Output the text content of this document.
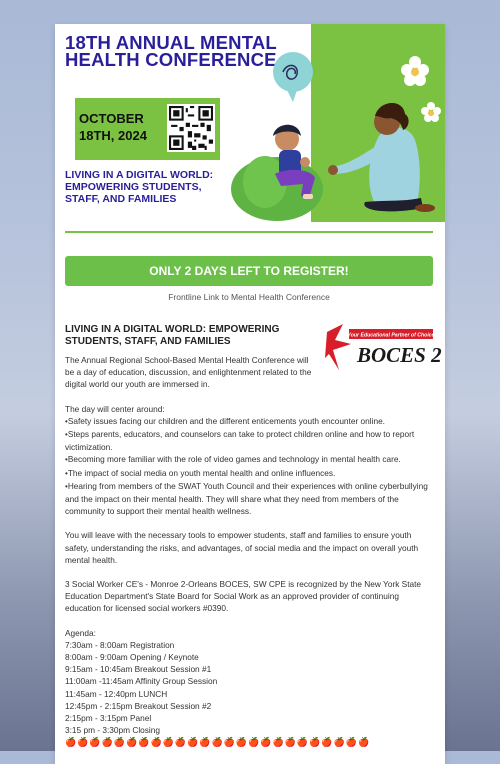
18TH ANNUAL MENTAL HEALTH CONFERENCE
OCTOBER 18TH, 2024
LIVING IN A DIGITAL WORLD: EMPOWERING STUDENTS, STAFF, AND FAMILIES
ONLY 2 DAYS LEFT TO REGISTER!
Frontline Link to Mental Health Conference
Your Educational Partner of Choice
BOCES 2
LIVING IN A DIGITAL WORLD: EMPOWERING STUDENTS, STAFF, AND FAMILIES

The Annual Regional School-Based Mental Health Conference will be a day of education, discussion, and enlightenment related to the digital world our youth are immersed in.

The day will center around:

• Safety issues facing our children and the different enticements youth encounter online.
• Steps parents, educators, and counselors can take to protect children online and how to report victimization.
• Becoming more familiar with the role of video games and technology in mental health care.
• The impact of social media on youth mental health and online influences.
• Hearing from members of the SWAT Youth Council and their experiences with online cyberbullying and the impact on their mental health. They will share what they need from members of the community to support their mental health wellness.

You will leave with the necessary tools to empower students, staff and families to ensure youth safety, understanding the risks, and advantages, of social media and the impact on overall youth mental health.

3 Social Worker CE's - Monroe 2-Orleans BOCES, SW CPE is recognized by the New York State Education Department's State Board for Social Work as an approved provider of continuing education for licensed social workers #0390.

Agenda:

7:30am - 8:00am Registration
8:00am - 9:00am Opening / Keynote
9:15am - 10:45am Breakout Session #1
11:00am -11:45am Affinity Group Session
11:45am - 12:40pm LUNCH
12:45pm - 2:15pm Breakout Session #2
2:15pm - 3:15pm Panel
3:15 pm - 3:30pm Closing
🍎🍎🍎🍎🍎🍎🍎🍎🍎🍎🍎🍎🍎🍎🍎🍎🍎🍎🍎🍎🍎🍎🍎🍎🍎
